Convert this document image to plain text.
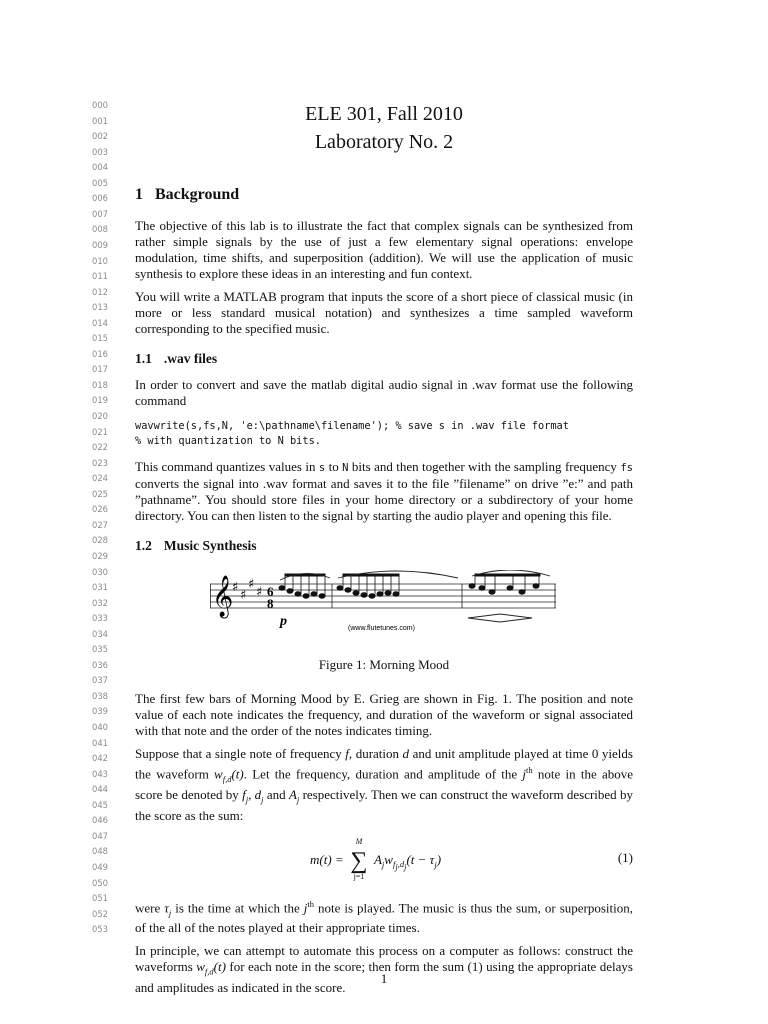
000
001
002
003
004
005
006
007
008
009
010
011
012
013
014
015
016
017
018
019
020
021
022
023
024
025
026
027
028
029
030
031
032
033
034
035
036
037
038
039
040
041
042
043
044
045
046
047
048
049
050
051
052
053
ELE 301, Fall 2010
Laboratory No. 2
1 Background

The objective of this lab is to illustrate the fact that complex signals can be synthesized from rather simple signals by the use of just a few elementary signal operations: envelope modulation, time shifts, and superposition (addition). We will use the application of music synthesis to explore these ideas in an interesting and fun context.

You will write a MATLAB program that inputs the score of a short piece of classical music (in more or less standard musical notation) and synthesizes a time sampled waveform corresponding to the specified music.

1.1 .wav files

In order to convert and save the matlab digital audio signal in .wav format use the following command

wavwrite(s,fs,N, 'e:\pathname\filename'); % save s in .wav file format
% with quantization to N bits.

This command quantizes values in s to N bits and then together with the sampling frequency fs converts the signal into .wav format and saves it to the file ”filename” on drive ”e:” and path ”pathname”. You should store files in your home directory or a subdirectory of your home directory. You can then listen to the signal by starting the audio player and opening this file.

1.2 Music Synthesis
𝄞
♯
♯
♯
♯ 6
8
p	(www.flutetunes.com)
Figure 1: Morning Mood

The first few bars of Morning Mood by E. Grieg are shown in Fig. 1. The position and note value of each note indicates the frequency, and duration of the waveform or signal associated with that note and the order of the notes indicates timing.

Suppose that a single note of frequency f, duration d and unit amplitude played at time 0 yields the waveform $w_{f,d}(t)$. Let the frequency, duration and amplitude of the $j^{th}$ note in the above score be denoted by $f_j$, $d_j$ and $A_j$ respectively. Then we can construct the waveform described by the score as the sum:

m(t) =
M
∑
j=1
$A_jw_{f_j,d_j}(t - \tau_j)$	(1)

were $\tau_j$ is the time at which the $j^{th}$ note is played. The music is thus the sum, or superposition, of the all of the notes played at their appropriate times.

In principle, we can attempt to automate this process on a computer as follows: construct the waveforms $w_{f,d}(t)$ for each note in the score; then form the sum (1) using the appropriate delays and amplitudes as indicated in the score.

1
